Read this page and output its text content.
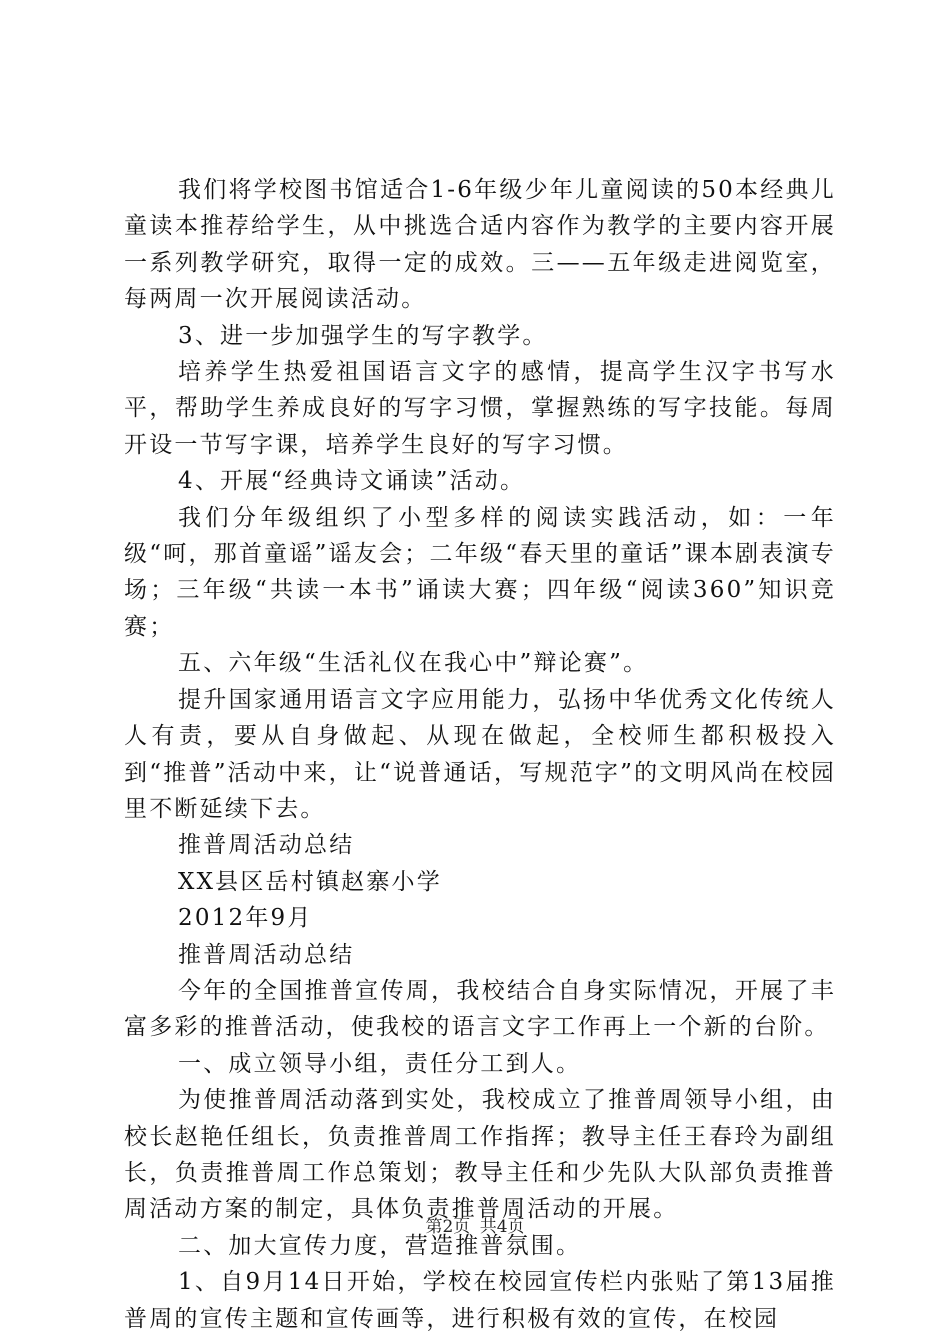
我们将学校图书馆适合1-6年级少年儿童阅读的50本经典儿童读本推荐给学生，从中挑选合适内容作为教学的主要内容开展一系列教学研究，取得一定的成效。三——五年级走进阅览室，每两周一次开展阅读活动。

3、进一步加强学生的写字教学。

培养学生热爱祖国语言文字的感情，提高学生汉字书写水平，帮助学生养成良好的写字习惯，掌握熟练的写字技能。每周开设一节写字课，培养学生良好的写字习惯。

4、开展“经典诗文诵读”活动。

我们分年级组织了小型多样的阅读实践活动，如：一年级“呵，那首童谣”谣友会；二年级“春天里的童话”课本剧表演专场；三年级“共读一本书”诵读大赛；四年级“阅读360”知识竞赛；

五、六年级“生活礼仪在我心中”辩论赛”。

提升国家通用语言文字应用能力，弘扬中华优秀文化传统人人有责，要从自身做起、从现在做起，全校师生都积极投入到“推普”活动中来，让“说普通话，写规范字”的文明风尚在校园里不断延续下去。

推普周活动总结

XX县区岳村镇赵寨小学

2012年9月

推普周活动总结

今年的全国推普宣传周，我校结合自身实际情况，开展了丰富多彩的推普活动，使我校的语言文字工作再上一个新的台阶。

一、成立领导小组，责任分工到人。

为使推普周活动落到实处，我校成立了推普周领导小组，由校长赵艳任组长，负责推普周工作指挥；教导主任王春玲为副组长，负责推普周工作总策划；教导主任和少先队大队部负责推普周活动方案的制定，具体负责推普周活动的开展。

二、加大宣传力度，营造推普氛围。

1、自9月14日开始，学校在校园宣传栏内张贴了第13届推普周的宣传主题和宣传画等，进行积极有效的宣传，在校园

第2页 共4页
